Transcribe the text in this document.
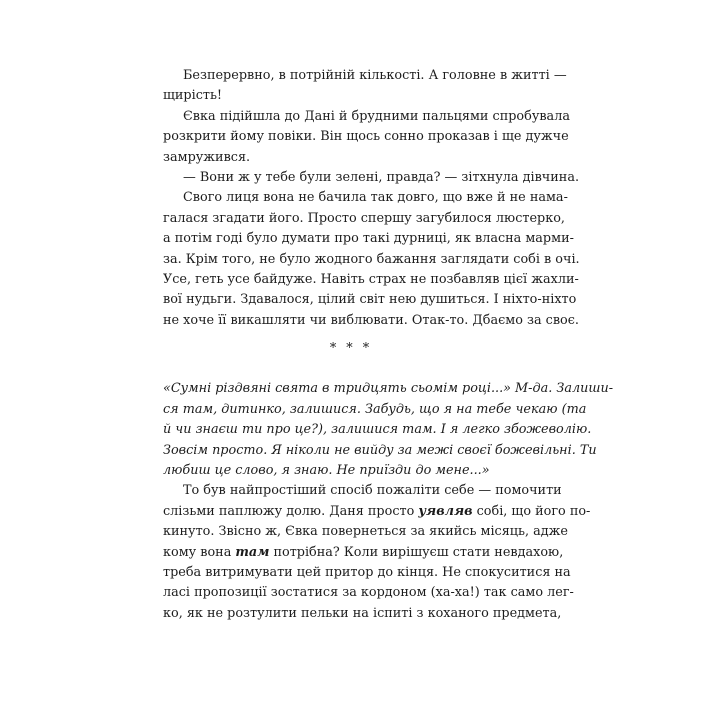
Безперервно, в потрійній кількості. А головне в житті —
щирість!
Євка підійшла до Дані й брудними пальцями спробувала
розкрити йому повіки. Він щось сонно проказав і ще дужче
замружився.
— Вони ж у тебе були зелені, правда? — зітхнула дівчина.
Свого лиця вона не бачила так довго, що вже й не нама-
галася згадати його. Просто спершу загубилося люстерко,
а потім годі було думати про такі дурниці, як власна марми-
за. Крім того, не було жодного бажання заглядати собі в очі.
Усе, геть усе байдуже. Навіть страх не позбавляв цієї жахли-
вої нудьги. Здавалося, цілий світ нею душиться. І ніхто-ніхто
не хоче її викашляти чи виблювати. Отак-то. Дбаємо за своє.
* * *
«Сумні різдвяні свята в тридцять сьомім році...» М-да. Залиши-
ся там, дитинко, залишися. Забудь, що я на тебе чекаю (та
й чи знаєш ти про це?), залишися там. І я легко збожеволію.
Зовсім просто. Я ніколи не вийду за межі своєї божевільні. Ти
любиш це слово, я знаю. Не приїзди до мене...»
То був найпростіший спосіб пожаліти себе — помочити
слізьми паплюжу долю. Даня просто уявляв собі, що його по-
кинуто. Звісно ж, Євка повернеться за якийсь місяць, адже
кому вона там потрібна? Коли вирішуєш стати невдахою,
треба витримувати цей притор до кінця. Не спокуситися на
ласі пропозиції зостатися за кордоном (ха-ха!) так само лег-
ко, як не розтулити пельки на іспиті з коханого предмета,
